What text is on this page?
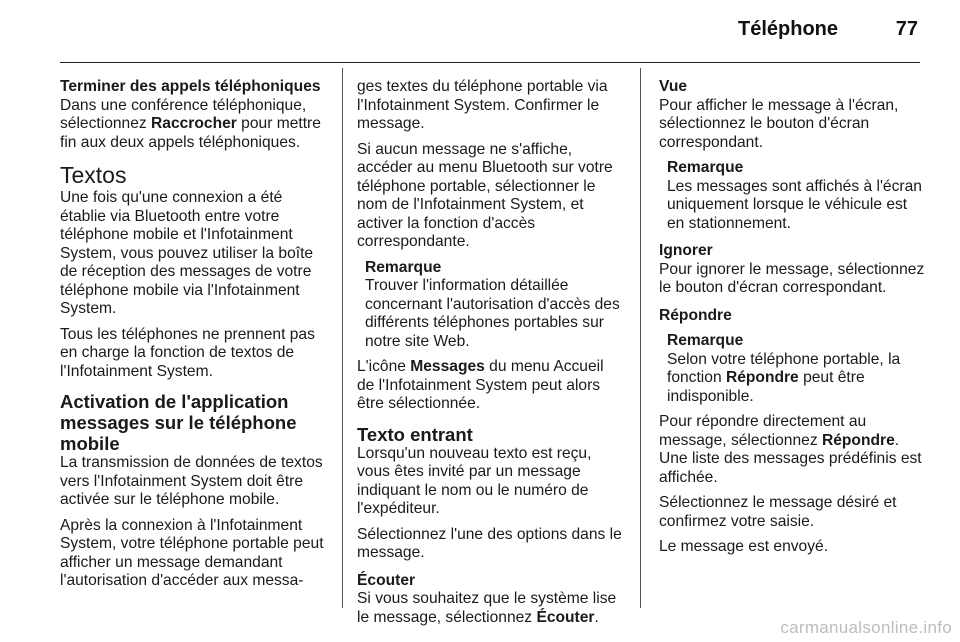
Téléphone	77
Terminer des appels téléphoniques

Dans une conférence téléphonique, sélectionnez Raccrocher pour mettre fin aux deux appels téléphoniques.

Textos

Une fois qu'une connexion a été établie via Bluetooth entre votre téléphone mobile et l'Infotainment System, vous pouvez utiliser la boîte de réception des messages de votre téléphone mobile via l'Infotainment System.

Tous les téléphones ne prennent pas en charge la fonction de textos de l'Infotainment System.

Activation de l'application messages sur le téléphone mobile

La transmission de données de textos vers l'Infotainment System doit être activée sur le téléphone mobile.

Après la connexion à l'Infotainment System, votre téléphone portable peut afficher un message demandant l'autorisation d'accéder aux messa-

ges textes du téléphone portable via l'Infotainment System. Confirmer le message.

Si aucun message ne s'affiche, accéder au menu Bluetooth sur votre téléphone portable, sélectionner le nom de l'Infotainment System, et activer la fonction d'accès correspondante.

Remarque
Trouver l'information détaillée concernant l'autorisation d'accès des différents téléphones portables sur notre site Web.

L'icône Messages du menu Accueil de l'Infotainment System peut alors être sélectionnée.

Texto entrant

Lorsqu'un nouveau texto est reçu, vous êtes invité par un message indiquant le nom ou le numéro de l'expéditeur.

Sélectionnez l'une des options dans le message.

Écouter

Si vous souhaitez que le système lise le message, sélectionnez Écouter.

Vue

Pour afficher le message à l'écran, sélectionnez le bouton d'écran correspondant.

Remarque
Les messages sont affichés à l'écran uniquement lorsque le véhicule est en stationnement.
Ignorer

Pour ignorer le message, sélectionnez le bouton d'écran correspondant.

Répondre
Remarque
Selon votre téléphone portable, la fonction Répondre peut être indisponible.

Pour répondre directement au message, sélectionnez Répondre. Une liste des messages prédéfinis est affichée.

Sélectionnez le message désiré et confirmez votre saisie.

Le message est envoyé.

carmanualsonline.info
